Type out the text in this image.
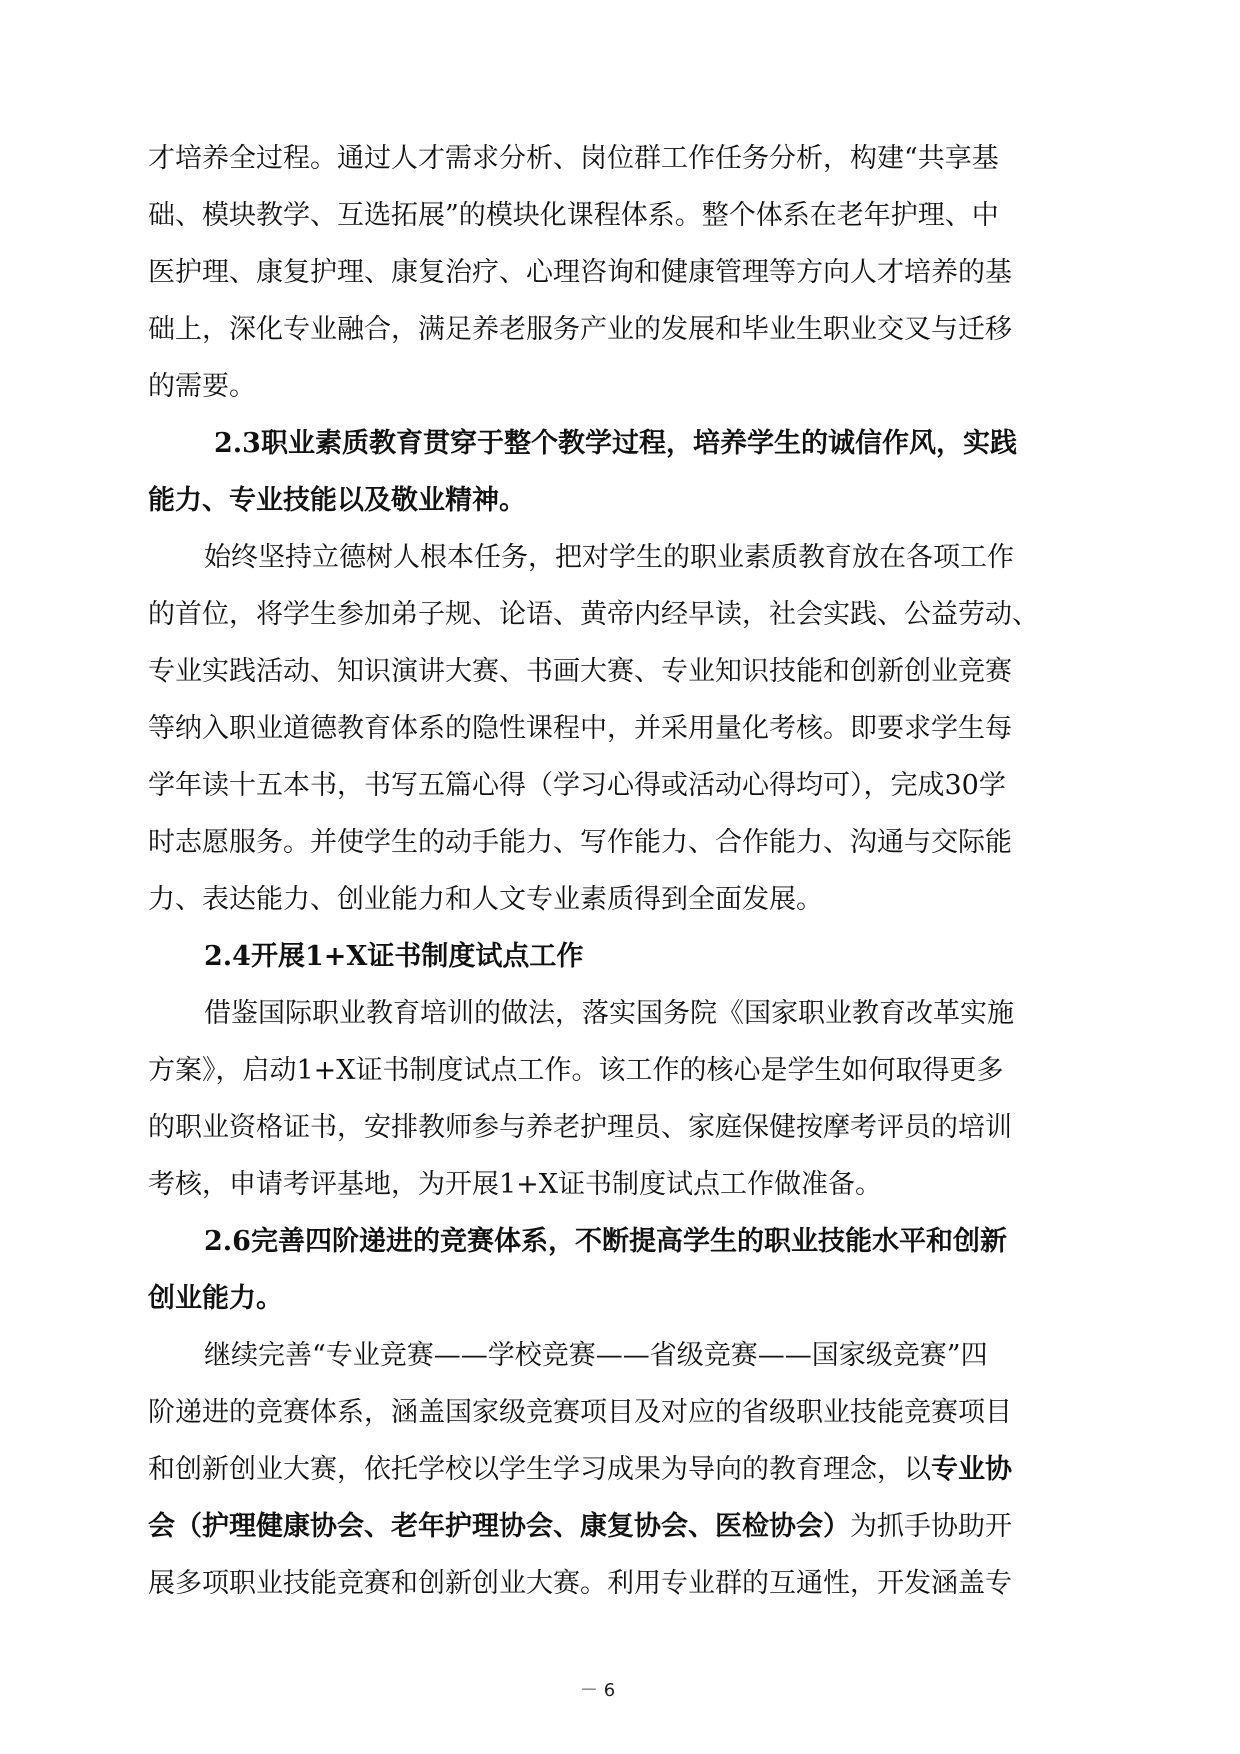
才培养全过程。通过人才需求分析、岗位群工作任务分析，构建“共享基
础、模块教学、互选拓展”的模块化课程体系。整个体系在老年护理、中
医护理、康复护理、康复治疗、心理咨询和健康管理等方向人才培养的基
础上，深化专业融合，满足养老服务产业的发展和毕业生职业交叉与迁移
的需要。
2.3职业素质教育贯穿于整个教学过程，培养学生的诚信作风，实践
能力、专业技能以及敬业精神。
始终坚持立德树人根本任务，把对学生的职业素质教育放在各项工作
的首位，将学生参加弟子规、论语、黄帝内经早读，社会实践、公益劳动、
专业实践活动、知识演讲大赛、书画大赛、专业知识技能和创新创业竞赛
等纳入职业道德教育体系的隐性课程中，并采用量化考核。即要求学生每
学年读十五本书，书写五篇心得（学习心得或活动心得均可），完成30学
时志愿服务。并使学生的动手能力、写作能力、合作能力、沟通与交际能
力、表达能力、创业能力和人文专业素质得到全面发展。
2.4开展1+X证书制度试点工作
借鉴国际职业教育培训的做法，落实国务院《国家职业教育改革实施
方案》，启动1+X证书制度试点工作。该工作的核心是学生如何取得更多
的职业资格证书，安排教师参与养老护理员、家庭保健按摩考评员的培训
考核，申请考评基地，为开展1+X证书制度试点工作做准备。
2.6完善四阶递进的竞赛体系，不断提高学生的职业技能水平和创新
创业能力。
继续完善“专业竞赛——学校竞赛——省级竞赛——国家级竞赛”四
阶递进的竞赛体系，涵盖国家级竞赛项目及对应的省级职业技能竞赛项目
和创新创业大赛，依托学校以学生学习成果为导向的教育理念，以专业协
会（护理健康协会、老年护理协会、康复协会、医检协会）为抓手协助开
展多项职业技能竞赛和创新创业大赛。利用专业群的互通性，开发涵盖专
－ 6
